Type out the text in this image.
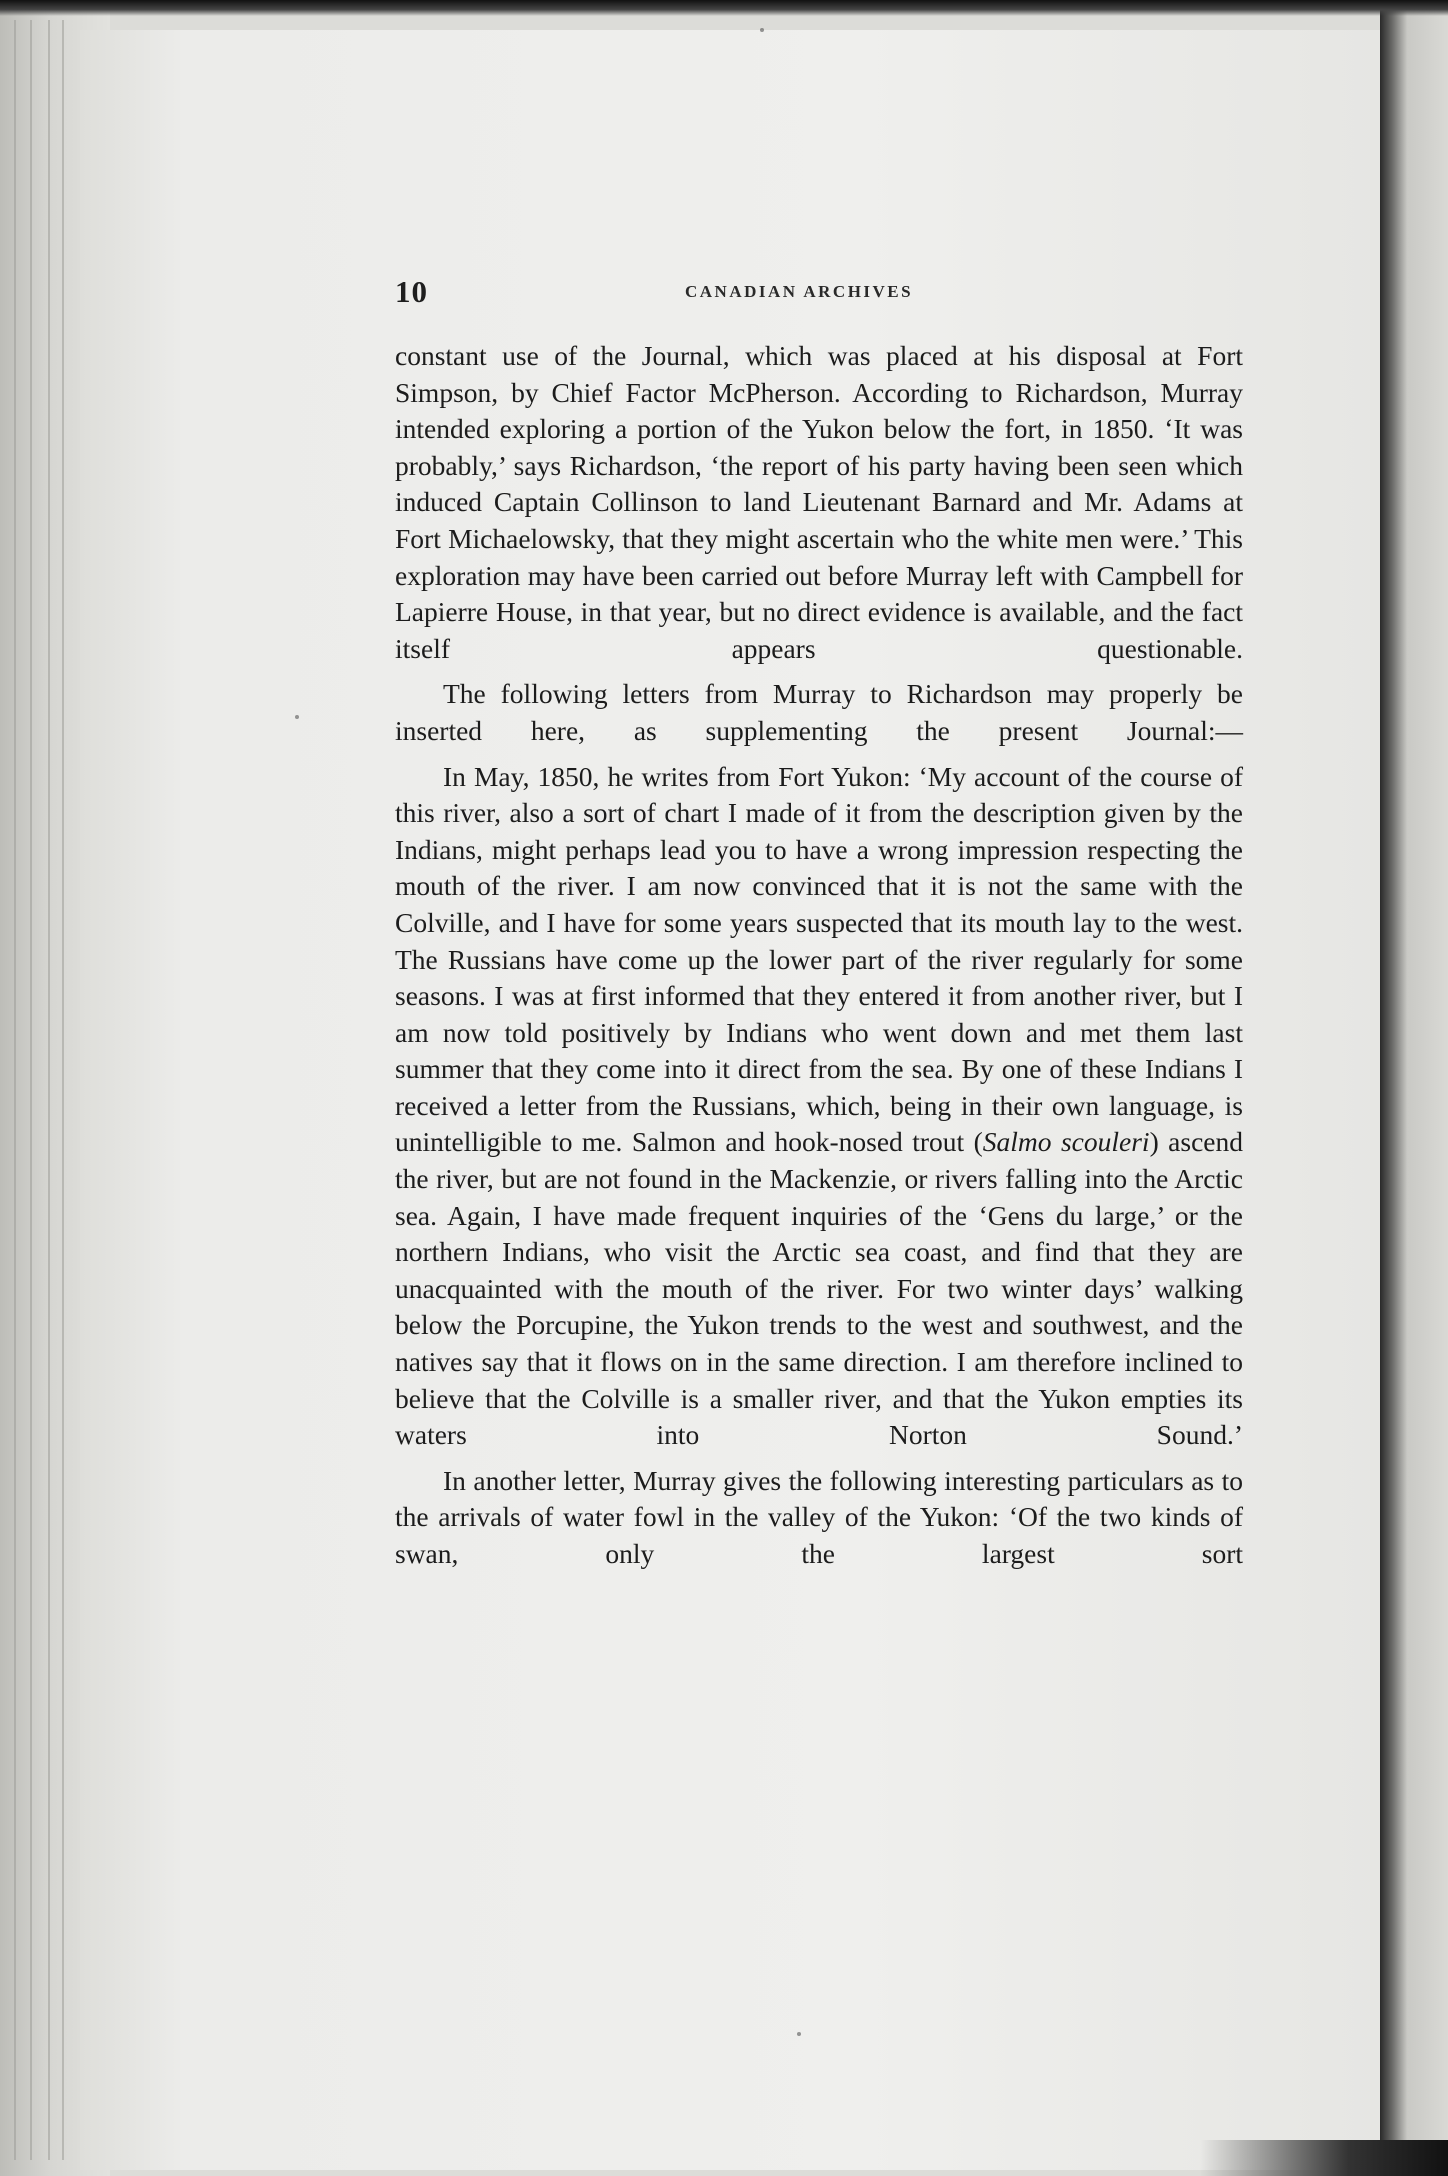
10	CANADIAN ARCHIVES

constant use of the Journal, which was placed at his disposal at Fort Simpson, by Chief Factor McPherson. According to Richardson, Murray intended exploring a portion of the Yukon below the fort, in 1850. ‘It was probably,’ says Richardson, ‘the report of his party having been seen which induced Captain Collinson to land Lieutenant Barnard and Mr. Adams at Fort Michaelowsky, that they might ascertain who the white men were.’ This exploration may have been carried out before Murray left with Campbell for Lapierre House, in that year, but no direct evidence is available, and the fact itself appears questionable.

The following letters from Murray to Richardson may properly be inserted here, as supplementing the present Journal:—

In May, 1850, he writes from Fort Yukon: ‘My account of the course of this river, also a sort of chart I made of it from the description given by the Indians, might perhaps lead you to have a wrong impression respecting the mouth of the river. I am now convinced that it is not the same with the Colville, and I have for some years suspected that its mouth lay to the west. The Russians have come up the lower part of the river regularly for some seasons. I was at first informed that they entered it from another river, but I am now told positively by Indians who went down and met them last summer that they come into it direct from the sea. By one of these Indians I received a letter from the Russians, which, being in their own language, is unintelligible to me. Salmon and hook-nosed trout (Salmo scouleri) ascend the river, but are not found in the Mackenzie, or rivers falling into the Arctic sea. Again, I have made frequent inquiries of the ‘Gens du large,’ or the northern Indians, who visit the Arctic sea coast, and find that they are unacquainted with the mouth of the river. For two winter days’ walking below the Porcupine, the Yukon trends to the west and southwest, and the natives say that it flows on in the same direction. I am therefore inclined to believe that the Colville is a smaller river, and that the Yukon empties its waters into Norton Sound.’

In another letter, Murray gives the following interesting particulars as to the arrivals of water fowl in the valley of the Yukon: ‘Of the two kinds of swan, only the largest sort
